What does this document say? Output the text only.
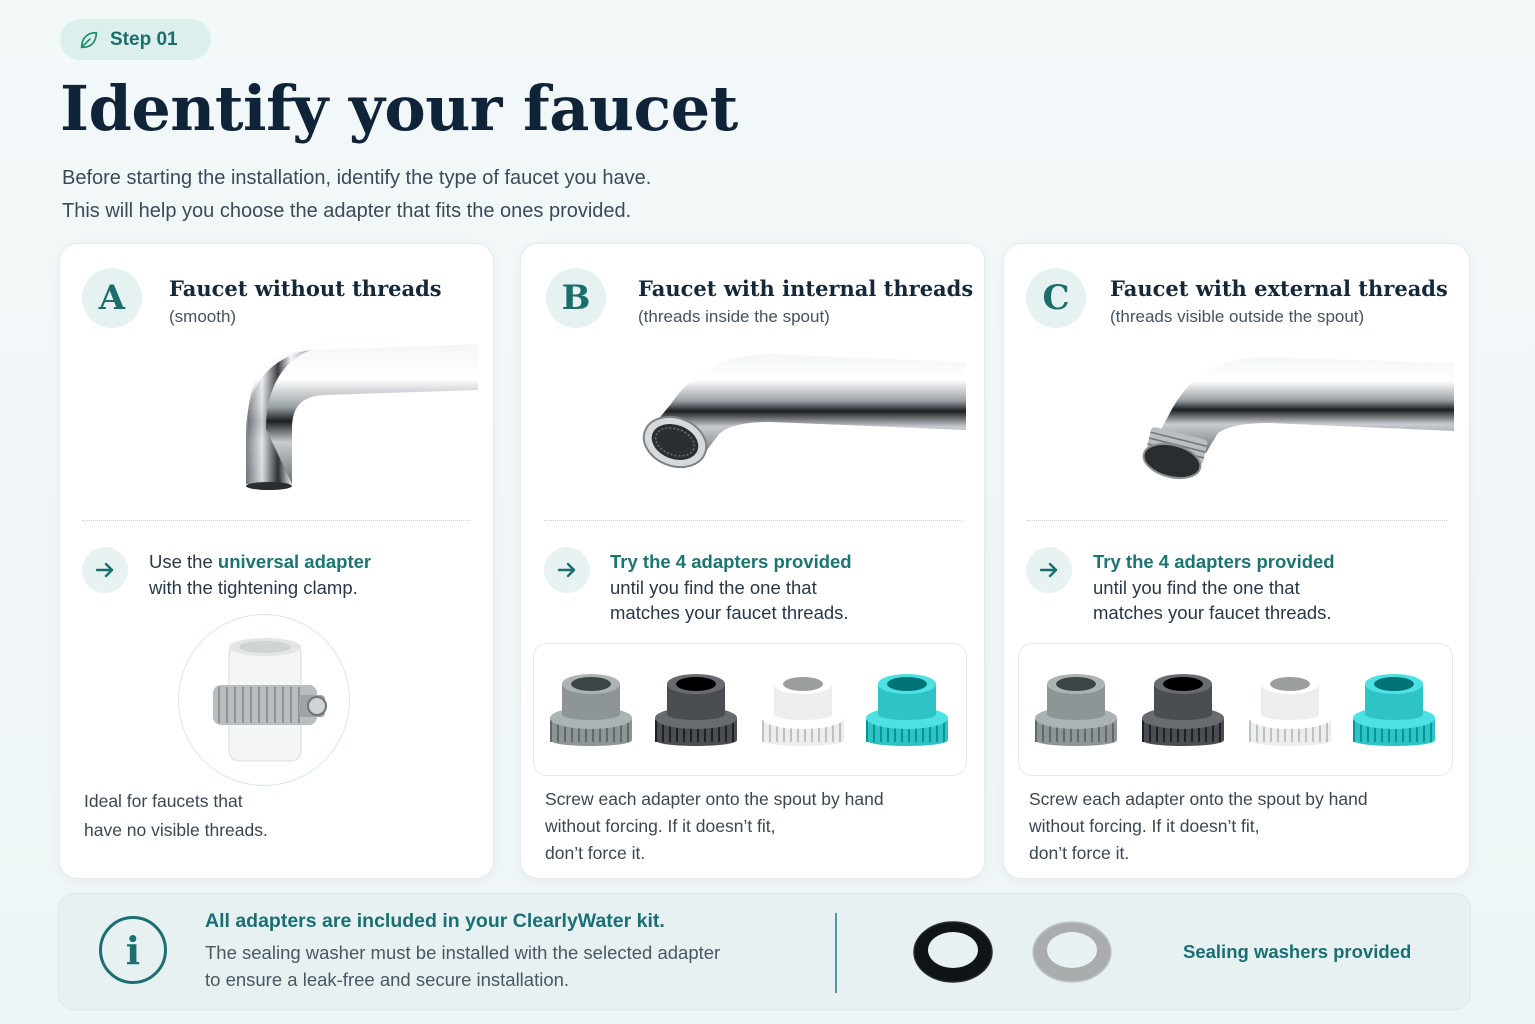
Step 01
Identify your faucet
Before starting the installation, identify the type of faucet you have.
This will help you choose the adapter that fits the ones provided.
A	Faucet without threads
(smooth)
Use the universal adapter
with the tightening clamp.
Ideal for faucets that
have no visible threads.
B	Faucet with internal threads
(threads inside the spout)
Try the 4 adapters provided
until you find the one that
matches your faucet threads.
Screw each adapter onto the spout by hand
without forcing. If it doesn’t fit,
don’t force it.
C	Faucet with external threads
(threads visible outside the spout)
Try the 4 adapters provided
until you find the one that
matches your faucet threads.
Screw each adapter onto the spout by hand
without forcing. If it doesn’t fit,
don’t force it.
i
All adapters are included in your ClearlyWater kit.
The sealing washer must be installed with the selected adapter
to ensure a leak-free and secure installation.
Sealing washers provided
